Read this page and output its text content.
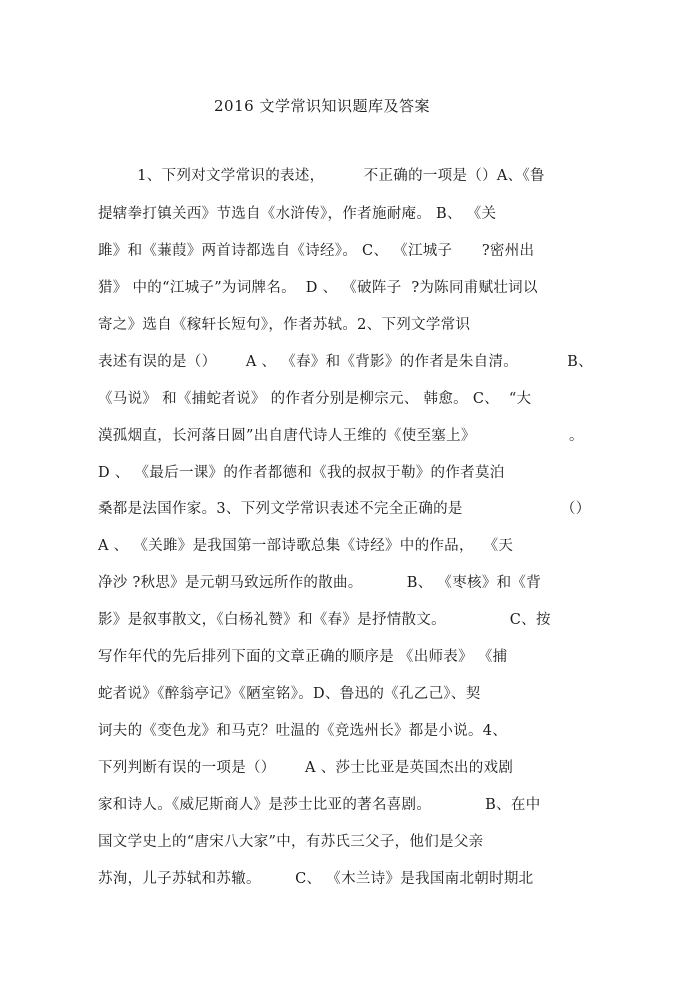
2016 文学常识知识题库及答案
1、下列对文学常识的表述，        不正确的一项是（）A、《鲁
提辖拳打镇关西》节选自《水浒传》，作者施耐庵。 B、 《关
雎》和《蒹葭》两首诗都选自《诗经》。 C、 《江城子      ?密州出
猎》 中的“江城子”为词牌名。  D 、 《破阵子  ?为陈同甫赋壮词以
寄之》选自《稼轩长短句》，作者苏轼。2、下列文学常识
表述有误的是（）      A 、 《春》和《背影》的作者是朱自清。          B、
《马说》 和《捕蛇者说》 的作者分别是柳宗元、 韩愈。 C、  “大
漠孤烟直，长河落日圆”出自唐代诗人王维的《使至塞上》                   。
D 、 《最后一课》的作者都德和《我的叔叔于勒》的作者莫泊
桑都是法国作家。3、下列文学常识表述不完全正确的是                    （）
A 、 《关雎》是我国第一部诗歌总集《诗经》中的作品，  《天
净沙 ?秋思》是元朝马致远所作的散曲。         B、 《枣核》和《背
影》是叙事散文，《白杨礼赞》和《春》是抒情散文。             C、按
写作年代的先后排列下面的文章正确的顺序是 《出师表》 《捕
蛇者说》《醉翁亭记》《陋室铭》。D、鲁迅的《孔乙己》、契
诃夫的《变色龙》和马克？吐温的《竞选州长》都是小说。4、
下列判断有误的一项是（）      A 、莎士比亚是英国杰出的戏剧
家和诗人。《威尼斯商人》是莎士比亚的著名喜剧。           B、在中
国文学史上的“唐宋八大家”中，有苏氏三父子，他们是父亲
苏洵，儿子苏轼和苏辙。       C、 《木兰诗》是我国南北朝时期北
